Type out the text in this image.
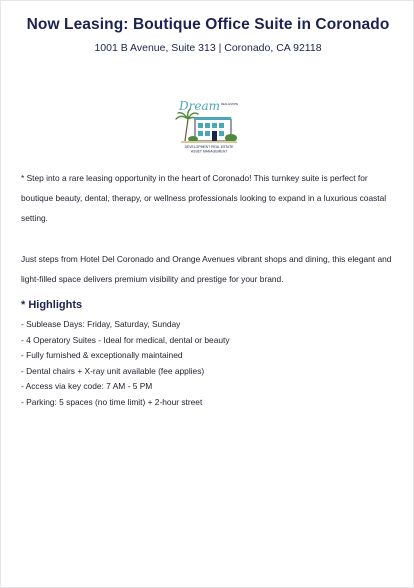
Now Leasing: Boutique Office Suite in Coronado
1001 B Avenue, Suite 313 | Coronado, CA 92118
Dream REAL ESTATE
DEVELOPMENT REAL ESTATE
ASSET MANAGEMENT
* Step into a rare leasing opportunity in the heart of Coronado! This turnkey suite is perfect for boutique beauty, dental, therapy, or wellness professionals looking to expand in a luxurious coastal setting.
Just steps from Hotel Del Coronado and Orange Avenues vibrant shops and dining, this elegant and light-filled space delivers premium visibility and prestige for your brand.
* Highlights
- Sublease Days: Friday, Saturday, Sunday
- 4 Operatory Suites - Ideal for medical, dental or beauty
- Fully furnished & exceptionally maintained
- Dental chairs + X-ray unit available (fee applies)
- Access via key code: 7 AM - 5 PM
- Parking: 5 spaces (no time limit) + 2-hour street
